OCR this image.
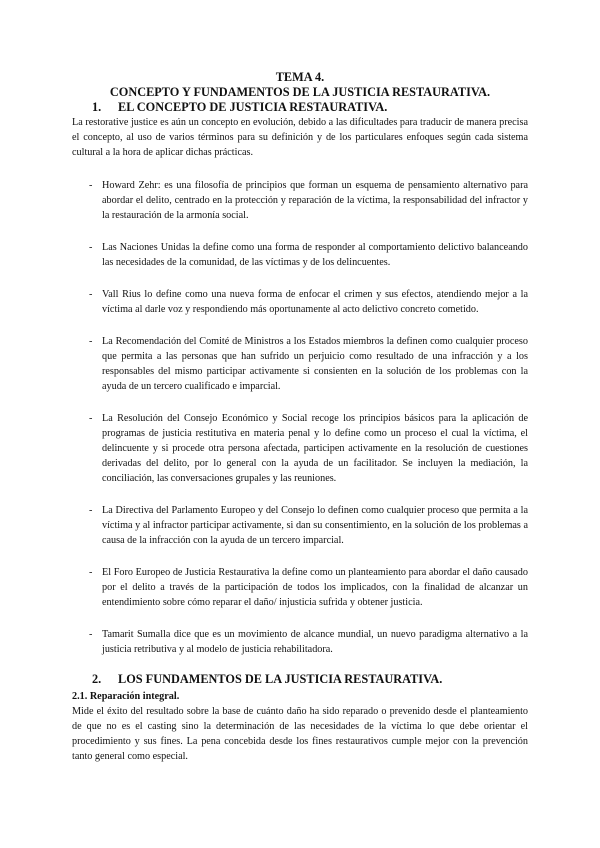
TEMA 4.

CONCEPTO Y FUNDAMENTOS DE LA JUSTICIA RESTAURATIVA.

1. EL CONCEPTO DE JUSTICIA RESTAURATIVA.

La restorative justice es aún un concepto en evolución, debido a las dificultades para traducir de manera precisa el concepto, al uso de varios términos para su definición y de los particulares enfoques según cada sistema cultural a la hora de aplicar dichas prácticas.

- Howard Zehr: es una filosofía de principios que forman un esquema de pensamiento alternativo para abordar el delito, centrado en la protección y reparación de la víctima, la responsabilidad del infractor y la restauración de la armonía social.
- Las Naciones Unidas la define como una forma de responder al comportamiento delictivo balanceando las necesidades de la comunidad, de las víctimas y de los delincuentes.
- Vall Rius lo define como una nueva forma de enfocar el crimen y sus efectos, atendiendo mejor a la víctima al darle voz y respondiendo más oportunamente al acto delictivo concreto cometido.
- La Recomendación del Comité de Ministros a los Estados miembros la definen como cualquier proceso que permita a las personas que han sufrido un perjuicio como resultado de una infracción y a los responsables del mismo participar activamente si consienten en la solución de los problemas con la ayuda de un tercero cualificado e imparcial.
- La Resolución del Consejo Económico y Social recoge los principios básicos para la aplicación de programas de justicia restitutiva en materia penal y lo define como un proceso el cual la víctima, el delincuente y si procede otra persona afectada, participen activamente en la resolución de cuestiones derivadas del delito, por lo general con la ayuda de un facilitador. Se incluyen la mediación, la conciliación, las conversaciones grupales y las reuniones.
- La Directiva del Parlamento Europeo y del Consejo lo definen como cualquier proceso que permita a la víctima y al infractor participar activamente, si dan su consentimiento, en la solución de los problemas a causa de la infracción con la ayuda de un tercero imparcial.
- El Foro Europeo de Justicia Restaurativa la define como un planteamiento para abordar el daño causado por el delito a través de la participación de todos los implicados, con la finalidad de alcanzar un entendimiento sobre cómo reparar el daño/ injusticia sufrida y obtener justicia.
- Tamarit Sumalla dice que es un movimiento de alcance mundial, un nuevo paradigma alternativo a la justicia retributiva y al modelo de justicia rehabilitadora.

2. LOS FUNDAMENTOS DE LA JUSTICIA RESTAURATIVA.

2.1. Reparación integral.

Mide el éxito del resultado sobre la base de cuánto daño ha sido reparado o prevenido desde el planteamiento de que no es el casting sino la determinación de las necesidades de la víctima lo que debe orientar el procedimiento y sus fines. La pena concebida desde los fines restaurativos cumple mejor con la prevención tanto general como especial.
